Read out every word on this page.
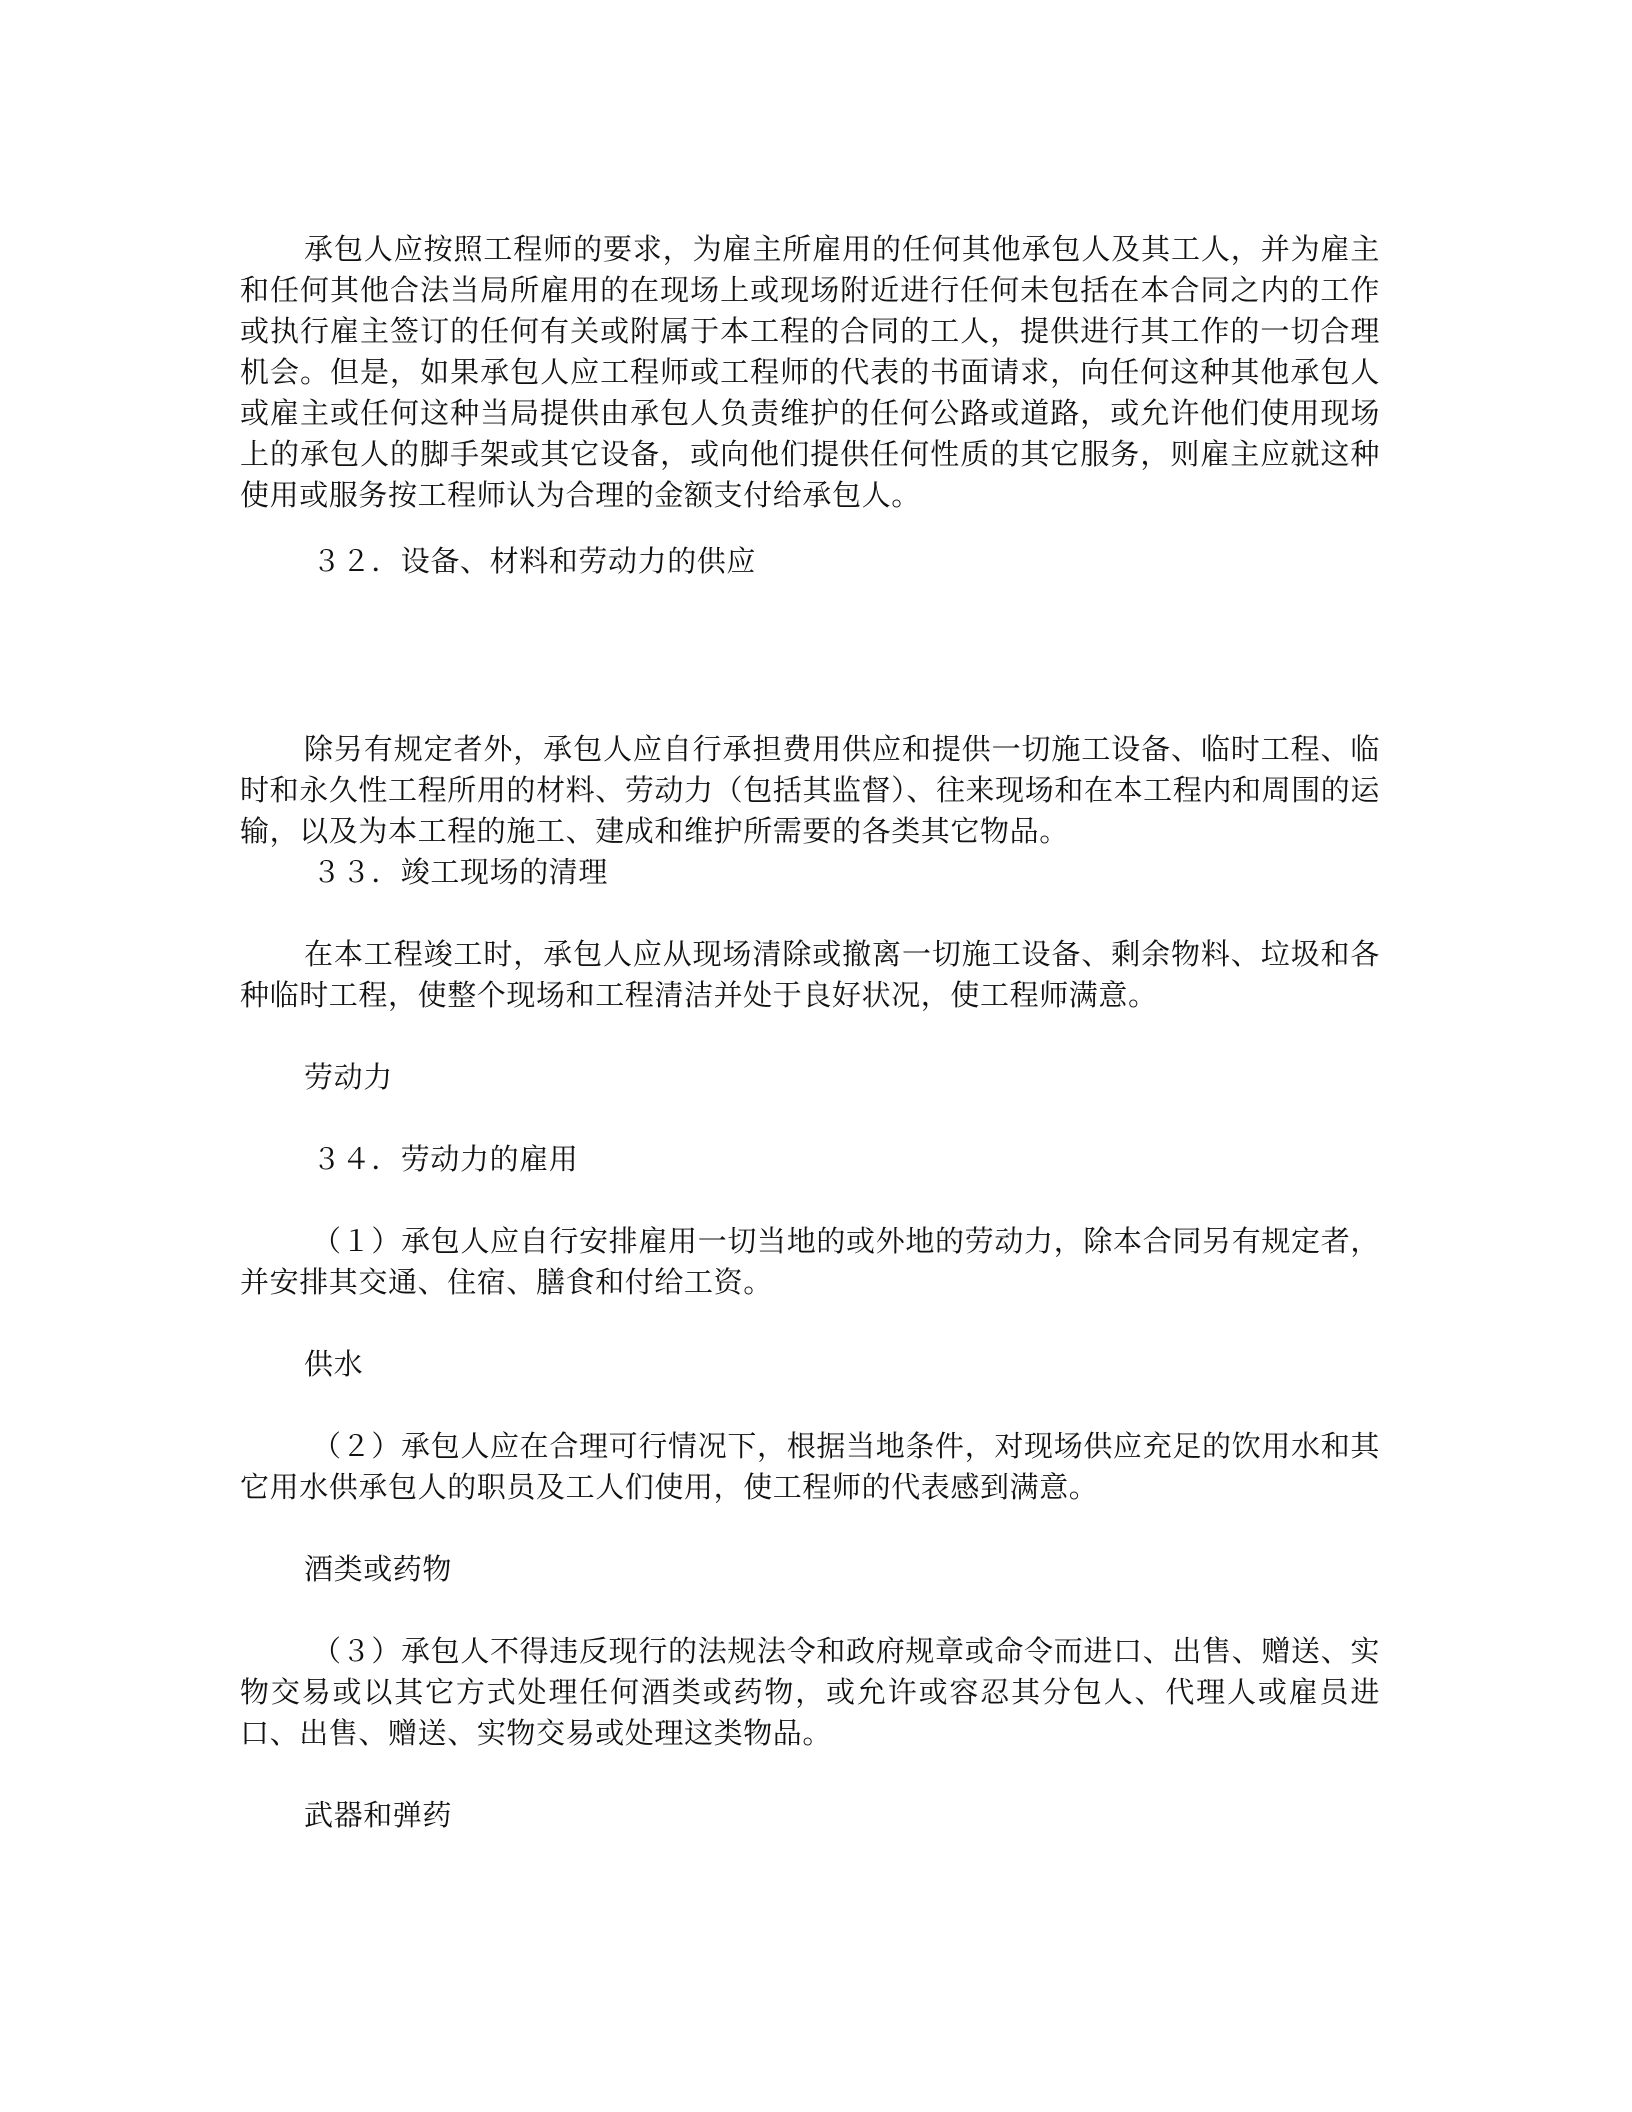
承包人应按照工程师的要求，为雇主所雇用的任何其他承包人及其工人，并为雇主和任何其他合法当局所雇用的在现场上或现场附近进行任何未包括在本合同之内的工作或执行雇主签订的任何有关或附属于本工程的合同的工人，提供进行其工作的一切合理机会。但是，如果承包人应工程师或工程师的代表的书面请求，向任何这种其他承包人或雇主或任何这种当局提供由承包人负责维护的任何公路或道路，或允许他们使用现场上的承包人的脚手架或其它设备，或向他们提供任何性质的其它服务，则雇主应就这种使用或服务按工程师认为合理的金额支付给承包人。

３２．设备、材料和劳动力的供应

除另有规定者外，承包人应自行承担费用供应和提供一切施工设备、临时工程、临时和永久性工程所用的材料、劳动力（包括其监督）、往来现场和在本工程内和周围的运输，以及为本工程的施工、建成和维护所需要的各类其它物品。

３３．竣工现场的清理

在本工程竣工时，承包人应从现场清除或撤离一切施工设备、剩余物料、垃圾和各种临时工程，使整个现场和工程清洁并处于良好状况，使工程师满意。

劳动力

３４．劳动力的雇用

（１）承包人应自行安排雇用一切当地的或外地的劳动力，除本合同另有规定者，并安排其交通、住宿、膳食和付给工资。

供水

（２）承包人应在合理可行情况下，根据当地条件，对现场供应充足的饮用水和其它用水供承包人的职员及工人们使用，使工程师的代表感到满意。

酒类或药物

（３）承包人不得违反现行的法规法令和政府规章或命令而进口、出售、赠送、实物交易或以其它方式处理任何酒类或药物，或允许或容忍其分包人、代理人或雇员进口、出售、赠送、实物交易或处理这类物品。

武器和弹药
